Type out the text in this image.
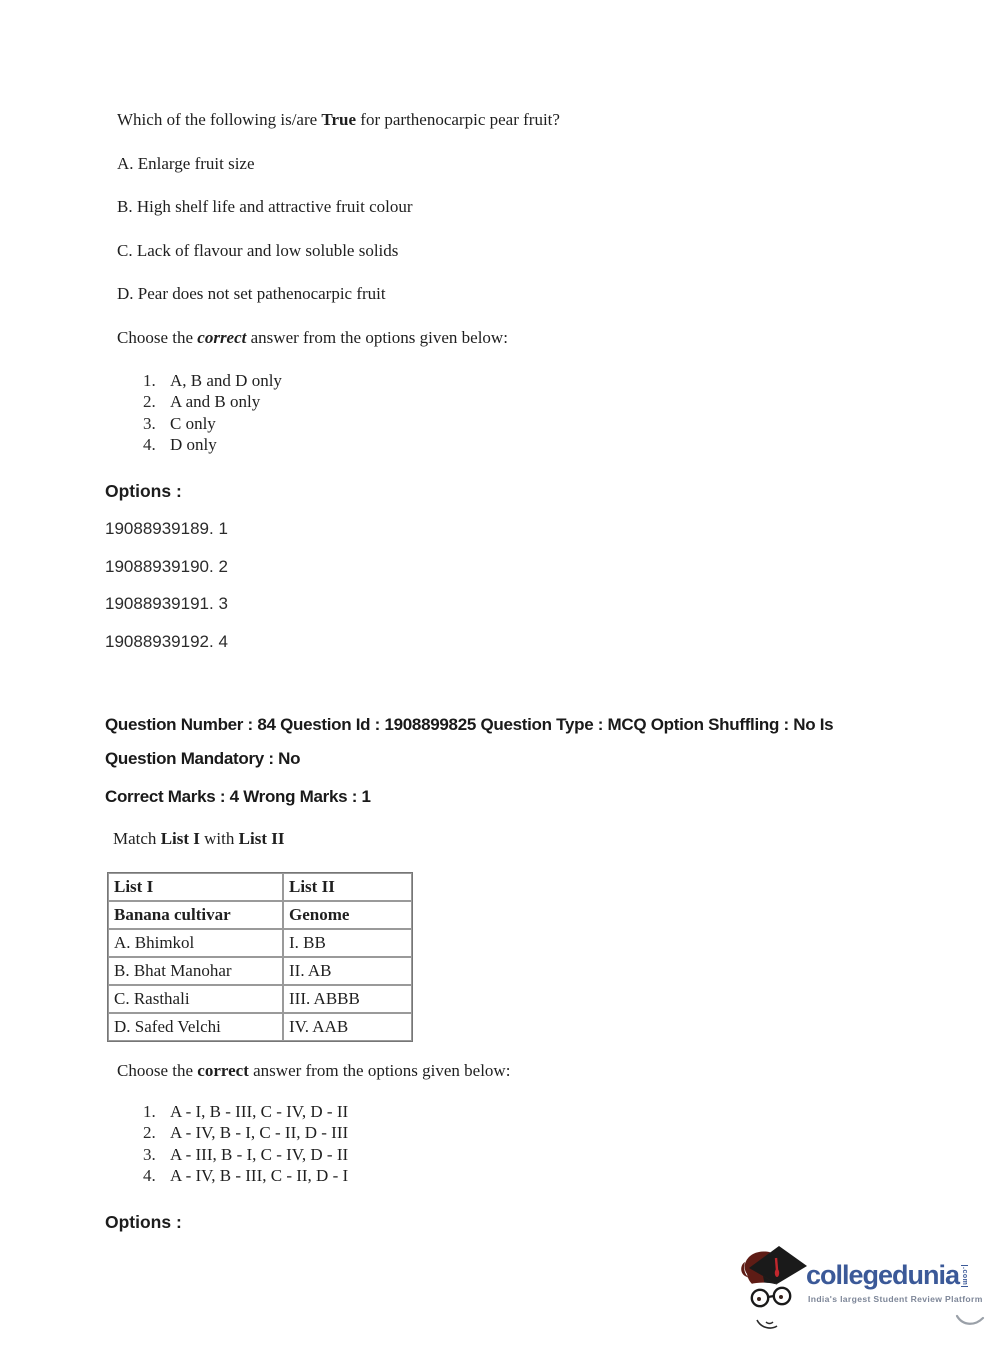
Which of the following is/are True for parthenocarpic pear fruit?
A. Enlarge fruit size
B. High shelf life and attractive fruit colour
C. Lack of flavour and low soluble solids
D. Pear does not set pathenocarpic fruit
Choose the correct answer from the options given below:
1. A, B and D only
2. A and B only
3. C only
4. D only
Options :
19088939189. 1
19088939190. 2
19088939191. 3
19088939192. 4
Question Number : 84 Question Id : 1908899825 Question Type : MCQ Option Shuffling : No Is
Question Mandatory : No
Correct Marks : 4 Wrong Marks : 1
Match List I with List II
List I	List II
Banana cultivar	Genome
A. Bhimkol	I. BB
B. Bhat Manohar	II. AB
C. Rasthali	III. ABBB
D. Safed Velchi	IV. AAB
Choose the correct answer from the options given below:
1. A - I, B - III, C - IV, D - II
2. A - IV, B - I, C - II, D - III
3. A - III, B - I, C - IV, D - II
4. A - IV, B - III, C - II, D - I
Options :
collegedunia .com
India's largest Student Review Platform
